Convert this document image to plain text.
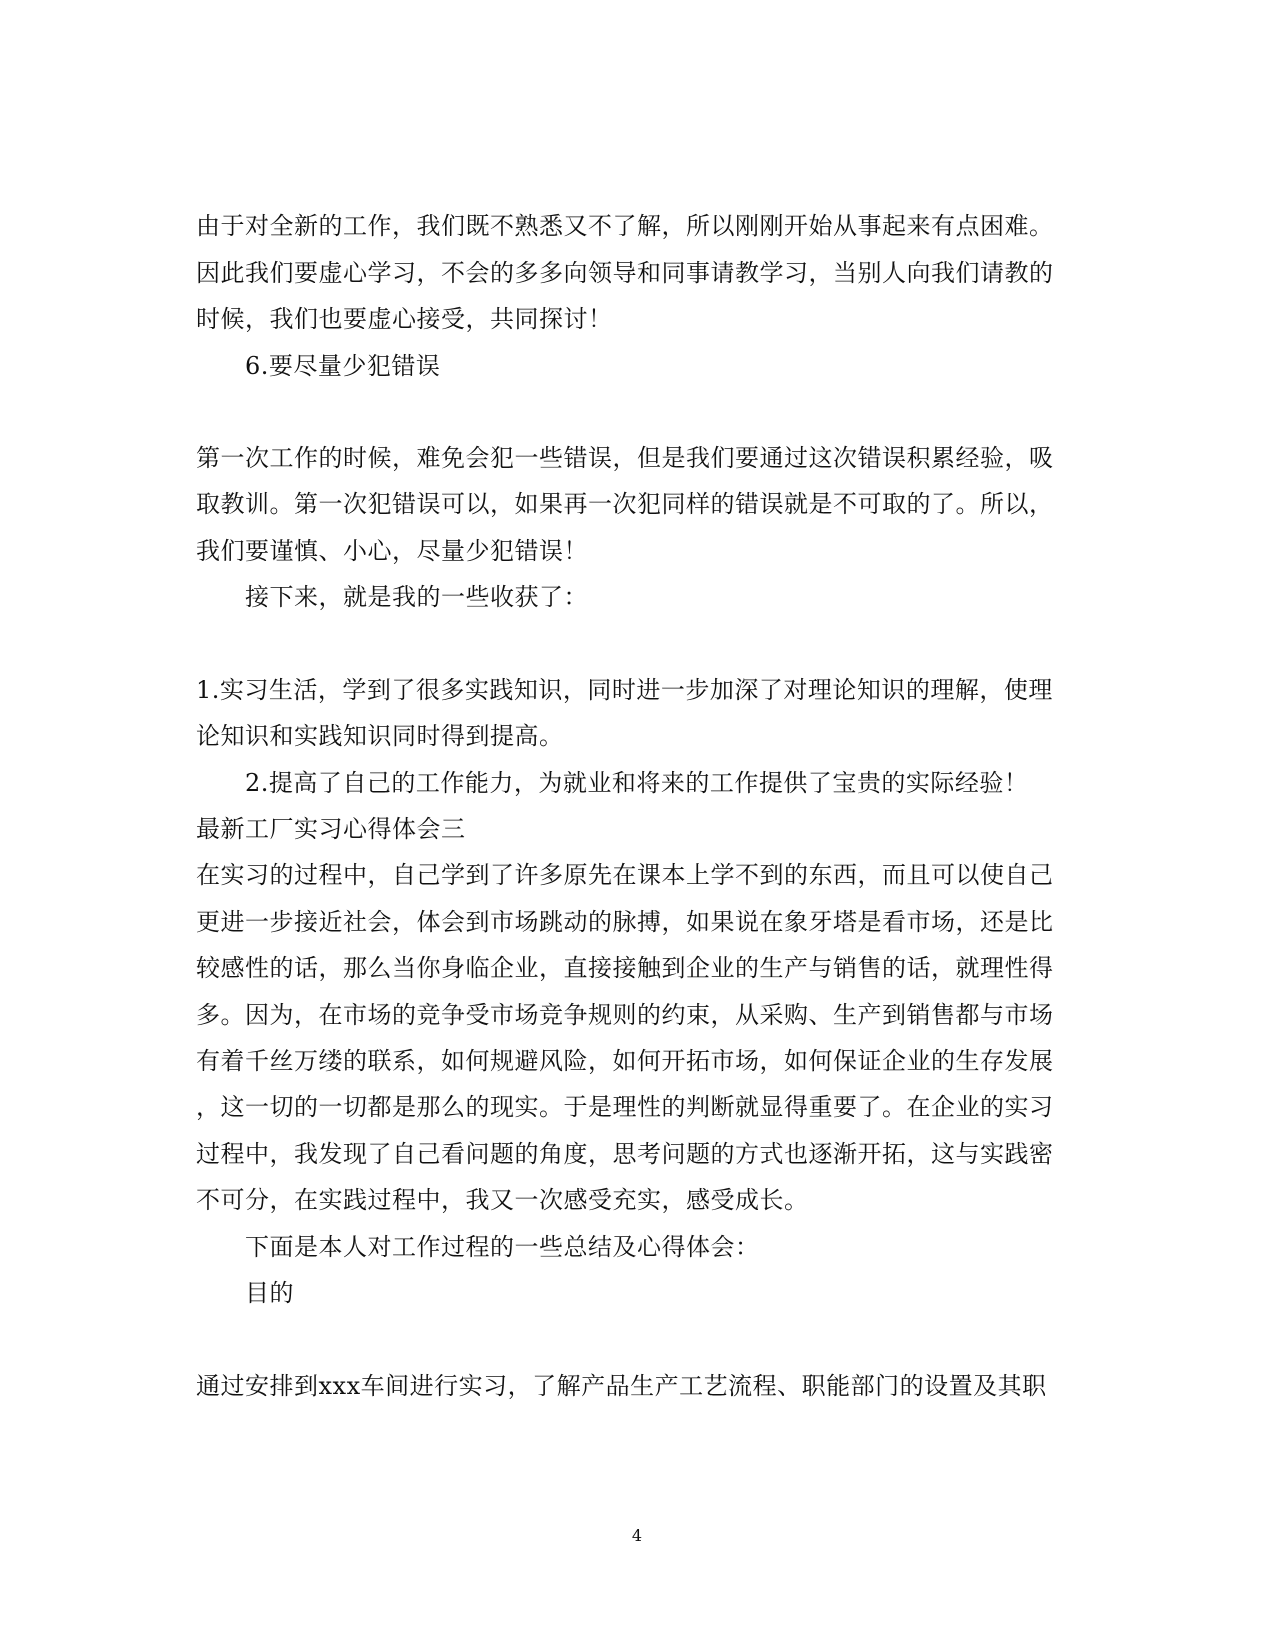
由于对全新的工作，我们既不熟悉又不了解，所以刚刚开始从事起来有点困难。
因此我们要虚心学习，不会的多多向领导和同事请教学习，当别人向我们请教的
时候，我们也要虚心接受，共同探讨！
6.要尽量少犯错误
第一次工作的时候，难免会犯一些错误，但是我们要通过这次错误积累经验，吸
取教训。第一次犯错误可以，如果再一次犯同样的错误就是不可取的了。所以，
我们要谨慎、小心，尽量少犯错误！
接下来，就是我的一些收获了：
1.实习生活，学到了很多实践知识，同时进一步加深了对理论知识的理解，使理
论知识和实践知识同时得到提高。
2.提高了自己的工作能力，为就业和将来的工作提供了宝贵的实际经验！
最新工厂实习心得体会三
在实习的过程中，自己学到了许多原先在课本上学不到的东西，而且可以使自己
更进一步接近社会，体会到市场跳动的脉搏，如果说在象牙塔是看市场，还是比
较感性的话，那么当你身临企业，直接接触到企业的生产与销售的话，就理性得
多。因为，在市场的竞争受市场竞争规则的约束，从采购、生产到销售都与市场
有着千丝万缕的联系，如何规避风险，如何开拓市场，如何保证企业的生存发展
，这一切的一切都是那么的现实。于是理性的判断就显得重要了。在企业的实习
过程中，我发现了自己看问题的角度，思考问题的方式也逐渐开拓，这与实践密
不可分，在实践过程中，我又一次感受充实，感受成长。
下面是本人对工作过程的一些总结及心得体会：
目的
通过安排到xxx车间进行实习，了解产品生产工艺流程、职能部门的设置及其职
4
